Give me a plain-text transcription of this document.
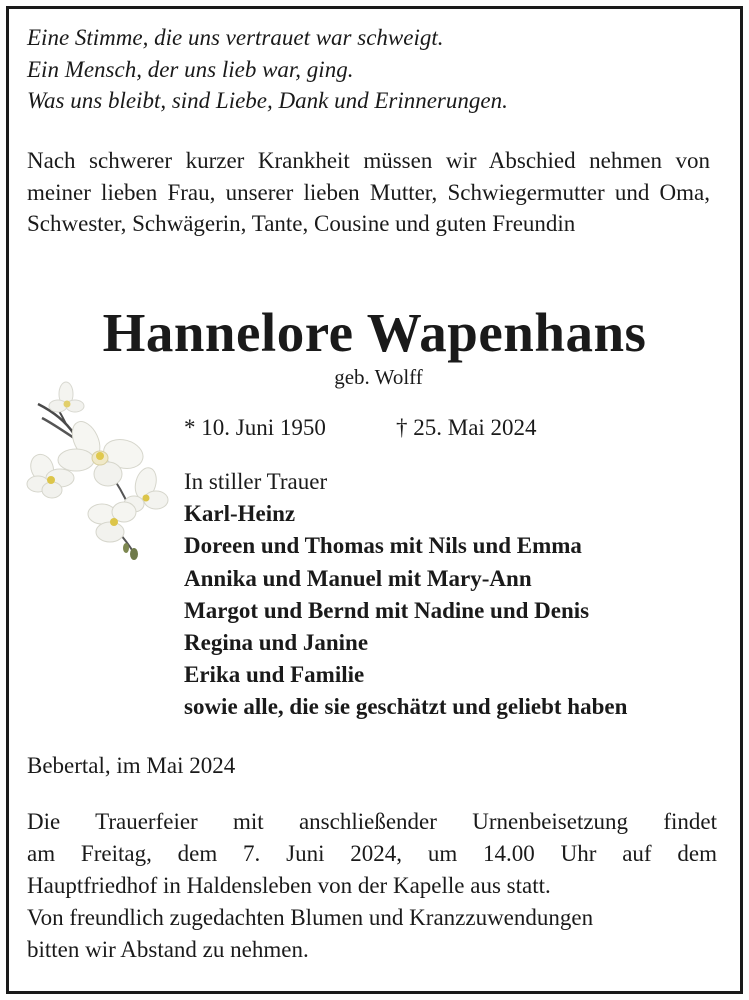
Eine Stimme, die uns vertrauet war schweigt.
Ein Mensch, der uns lieb war, ging.
Was uns bleibt, sind Liebe, Dank und Erinnerungen.
Nach schwerer kurzer Krankheit müssen wir Abschied nehmen von meiner lieben Frau, unserer lieben Mutter, Schwiegermutter und Oma, Schwester, Schwägerin, Tante, Cousine und guten Freundin
Hannelore Wapenhans
geb. Wolff
* 10. Juni 1950	† 25. Mai 2024
In stiller Trauer
Karl-Heinz
Doreen und Thomas mit Nils und Emma
Annika und Manuel mit Mary-Ann
Margot und Bernd mit Nadine und Denis
Regina und Janine
Erika und Familie
sowie alle, die sie geschätzt und geliebt haben
Bebertal, im Mai 2024
Die Trauerfeier mit anschließender Urnenbeisetzung findet
am Freitag, dem 7. Juni 2024, um 14.00 Uhr auf dem
Hauptfriedhof in Haldensleben von der Kapelle aus statt.
Von freundlich zugedachten Blumen und Kranzzuwendungen
bitten wir Abstand zu nehmen.
